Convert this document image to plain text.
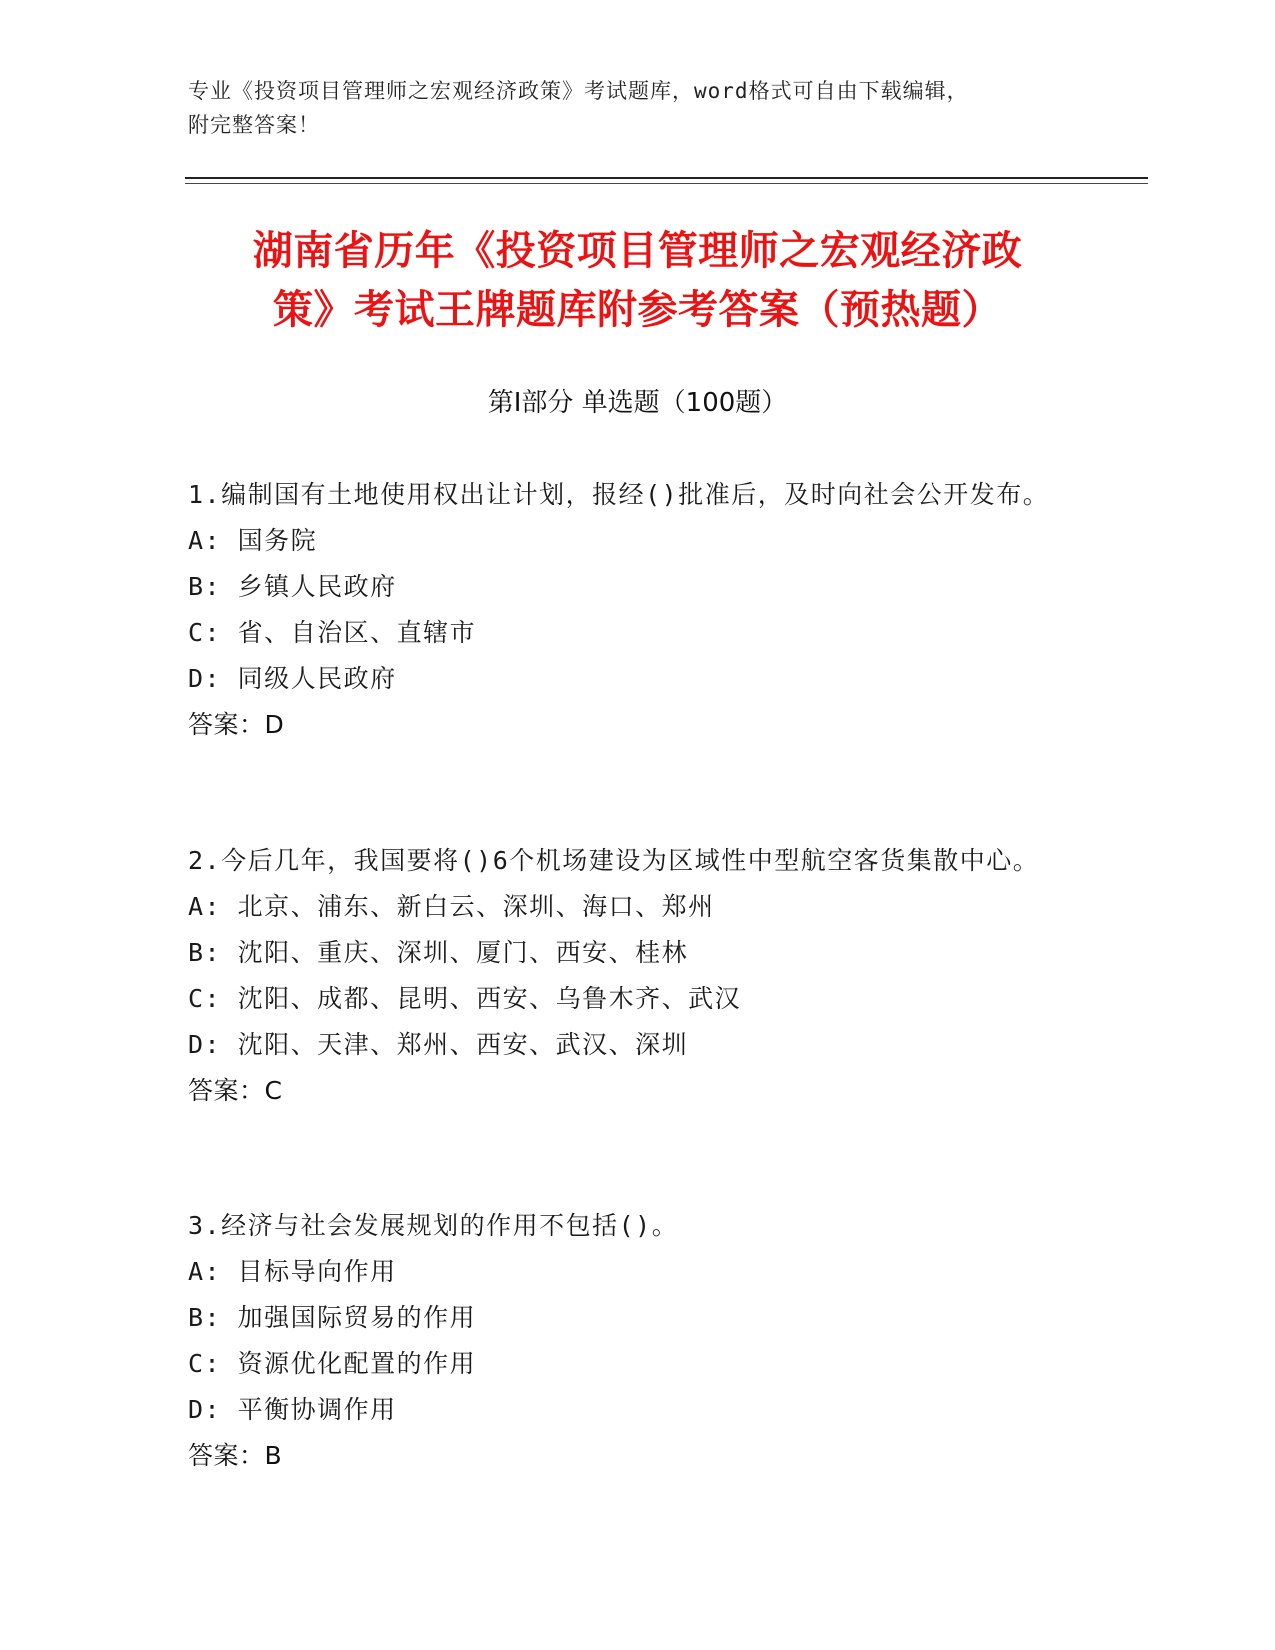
专业《投资项目管理师之宏观经济政策》考试题库，word格式可自由下载编辑，
附完整答案！
湖南省历年《投资项目管理师之宏观经济政
策》考试王牌题库附参考答案（预热题）
第Ⅰ部分 单选题（100题）

1.编制国有土地使用权出让计划，报经()批准后，及时向社会公开发布。

A: 国务院

B: 乡镇人民政府

C: 省、自治区、直辖市

D: 同级人民政府

答案：D

2.今后几年，我国要将()6个机场建设为区域性中型航空客货集散中心。

A: 北京、浦东、新白云、深圳、海口、郑州

B: 沈阳、重庆、深圳、厦门、西安、桂林

C: 沈阳、成都、昆明、西安、乌鲁木齐、武汉

D: 沈阳、天津、郑州、西安、武汉、深圳

答案：C

3.经济与社会发展规划的作用不包括()。

A: 目标导向作用

B: 加强国际贸易的作用

C: 资源优化配置的作用

D: 平衡协调作用

答案：B
